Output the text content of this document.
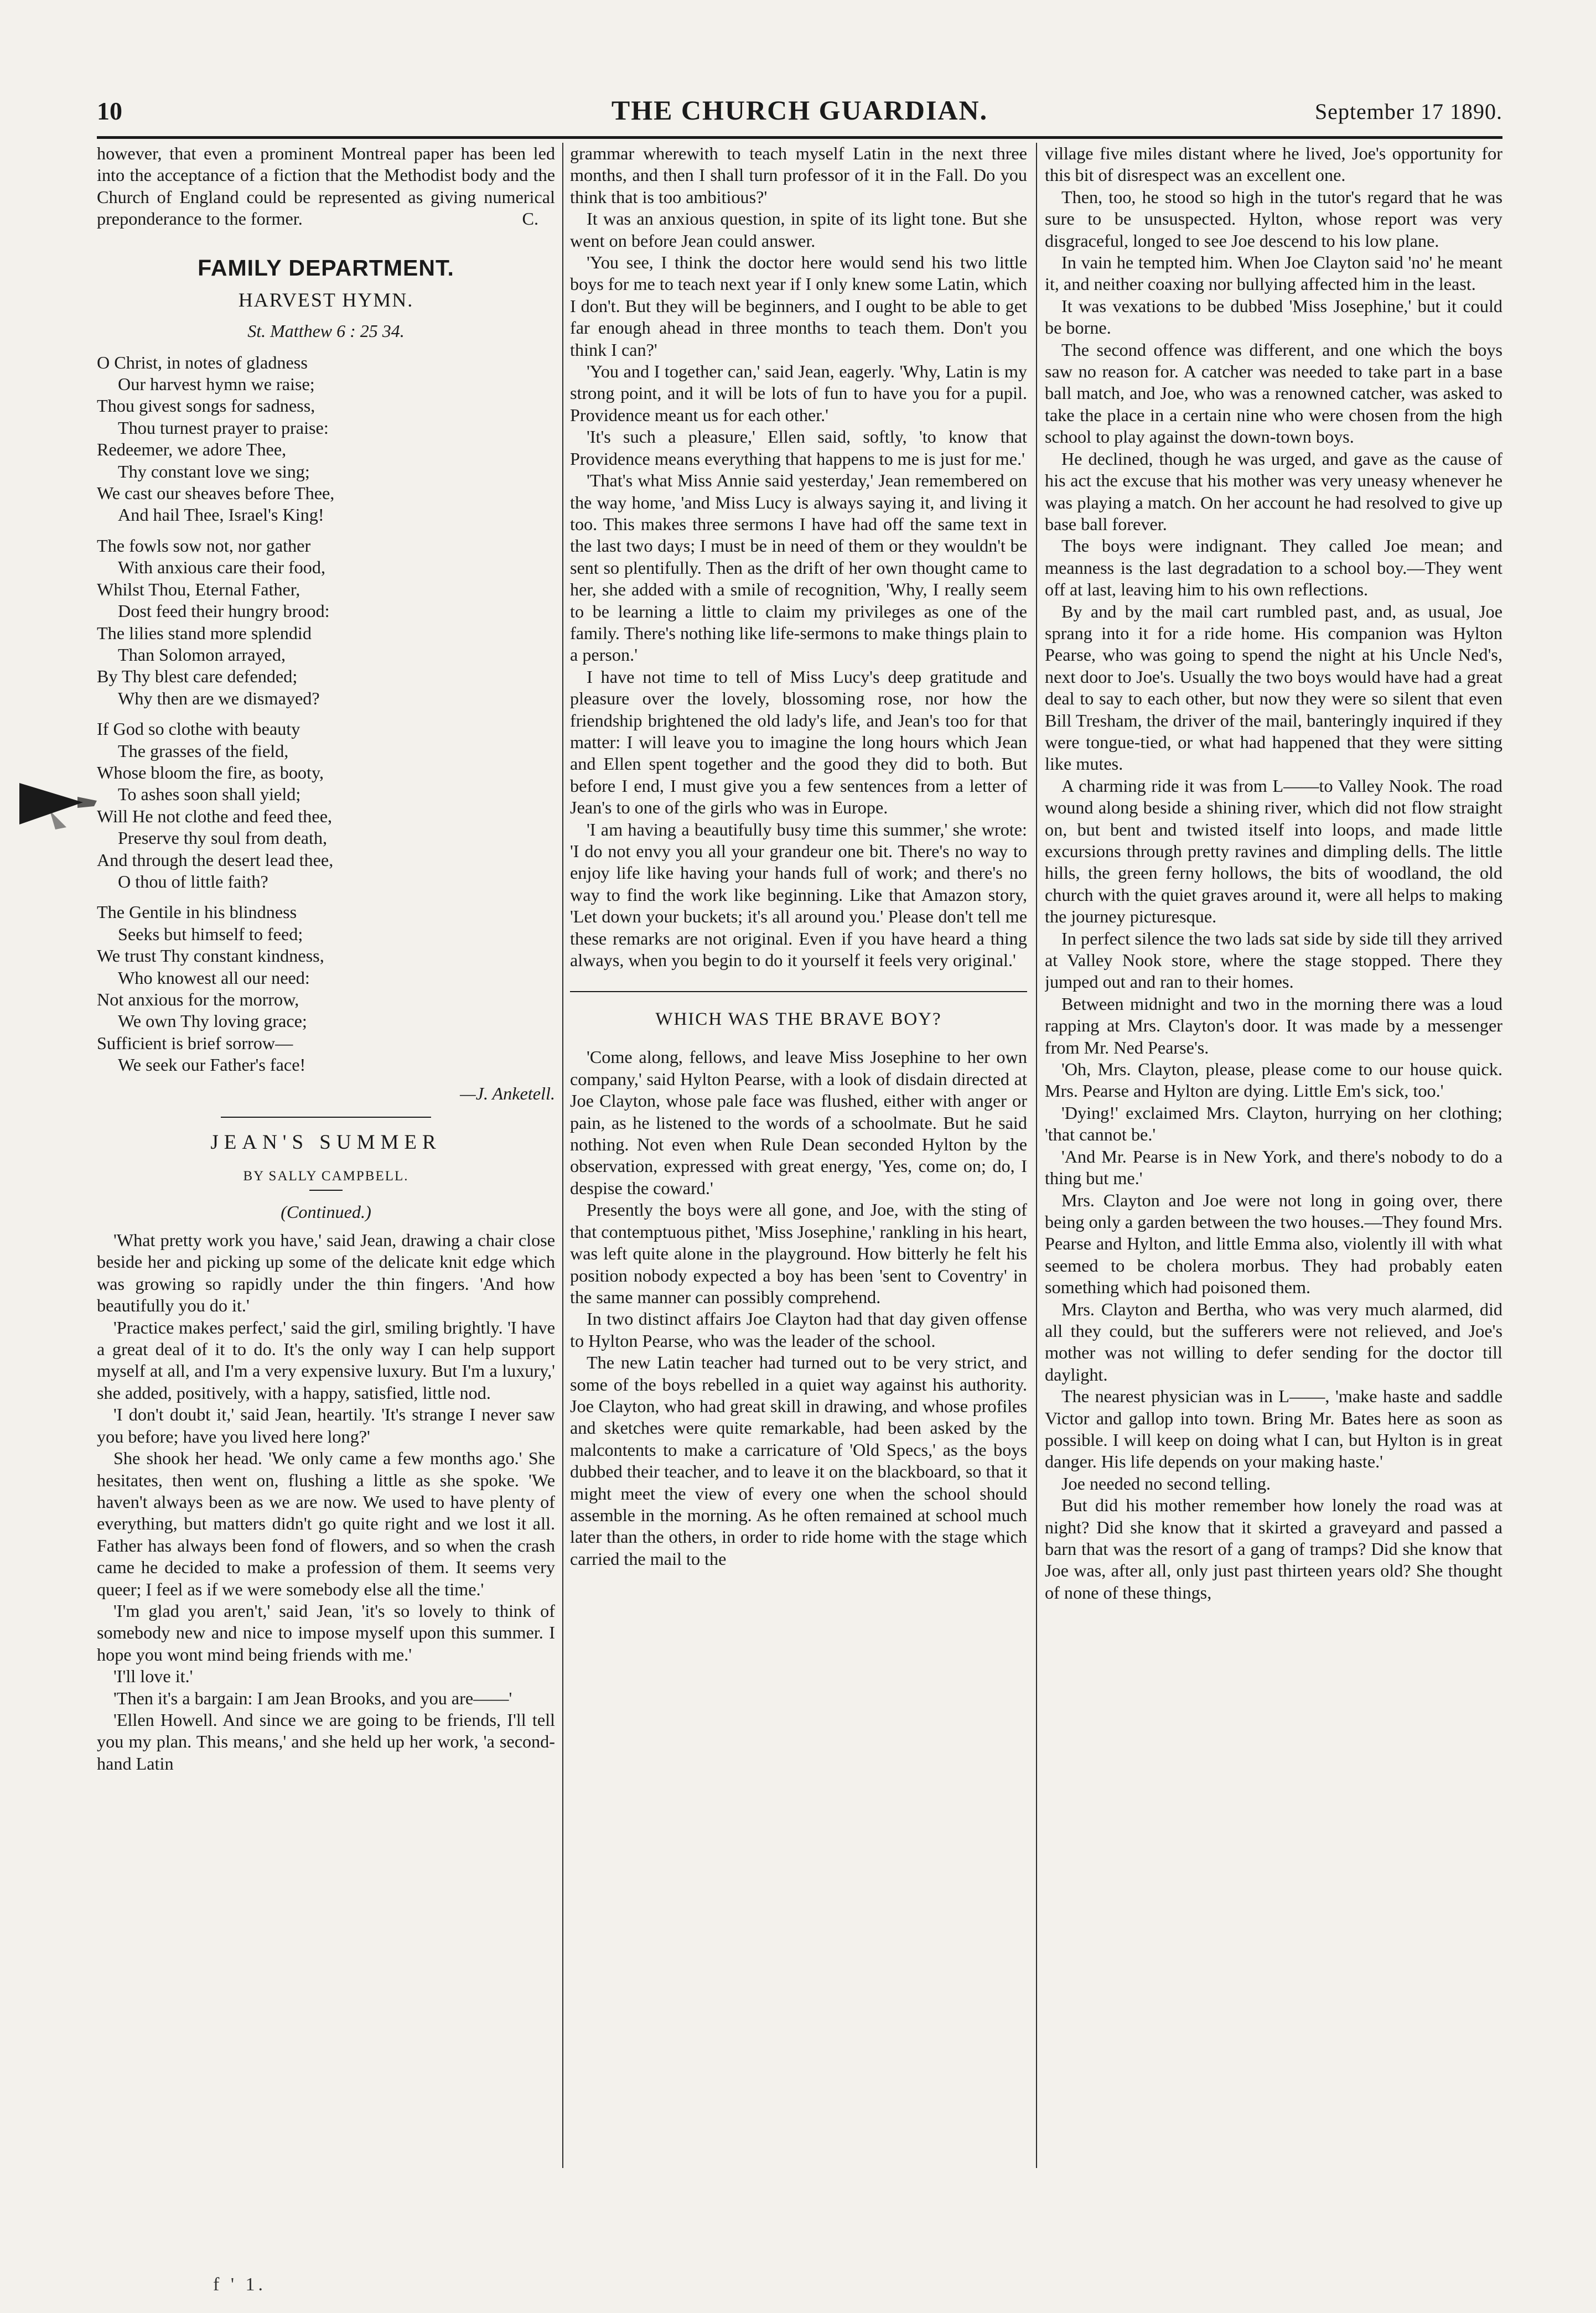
10	THE CHURCH GUARDIAN.	September 17 1890.

however, that even a prominent Montreal paper has been led into the acceptance of a fiction that the Methodist body and the Church of England could be represented as giving numerical preponderance to the former.	C.

FAMILY DEPARTMENT.
HARVEST HYMN.
St. Matthew 6 : 25 34.
O Christ, in notes of gladness
Our harvest hymn we raise;
Thou givest songs for sadness,
Thou turnest prayer to praise:
Redeemer, we adore Thee,
Thy constant love we sing;
We cast our sheaves before Thee,
And hail Thee, Israel's King!
The fowls sow not, nor gather
With anxious care their food,
Whilst Thou, Eternal Father,
Dost feed their hungry brood:
The lilies stand more splendid
Than Solomon arrayed,
By Thy blest care defended;
Why then are we dismayed?
If God so clothe with beauty
The grasses of the field,
Whose bloom the fire, as booty,
To ashes soon shall yield;
Will He not clothe and feed thee,
Preserve thy soul from death,
And through the desert lead thee,
O thou of little faith?
The Gentile in his blindness
Seeks but himself to feed;
We trust Thy constant kindness,
Who knowest all our need:
Not anxious for the morrow,
We own Thy loving grace;
Sufficient is brief sorrow—
We seek our Father's face!
—J. Anketell.
JEAN'S SUMMER
BY SALLY CAMPBELL.
(Continued.)

'What pretty work you have,' said Jean, drawing a chair close beside her and picking up some of the delicate knit edge which was growing so rapidly under the thin fingers. 'And how beautifully you do it.'

'Practice makes perfect,' said the girl, smiling brightly. 'I have a great deal of it to do. It's the only way I can help support myself at all, and I'm a very expensive luxury. But I'm a luxury,' she added, positively, with a happy, satisfied, little nod.

'I don't doubt it,' said Jean, heartily. 'It's strange I never saw you before; have you lived here long?'

She shook her head. 'We only came a few months ago.' She hesitates, then went on, flushing a little as she spoke. 'We haven't always been as we are now. We used to have plenty of everything, but matters didn't go quite right and we lost it all. Father has always been fond of flowers, and so when the crash came he decided to make a profession of them. It seems very queer; I feel as if we were somebody else all the time.'

'I'm glad you aren't,' said Jean, 'it's so lovely to think of somebody new and nice to impose myself upon this summer. I hope you wont mind being friends with me.'

'I'll love it.'

'Then it's a bargain: I am Jean Brooks, and you are——'

'Ellen Howell. And since we are going to be friends, I'll tell you my plan. This means,' and she held up her work, 'a second-hand Latin

grammar wherewith to teach myself Latin in the next three months, and then I shall turn professor of it in the Fall. Do you think that is too ambitious?'

It was an anxious question, in spite of its light tone. But she went on before Jean could answer.

'You see, I think the doctor here would send his two little boys for me to teach next year if I only knew some Latin, which I don't. But they will be beginners, and I ought to be able to get far enough ahead in three months to teach them. Don't you think I can?'

'You and I together can,' said Jean, eagerly. 'Why, Latin is my strong point, and it will be lots of fun to have you for a pupil. Providence meant us for each other.'

'It's such a pleasure,' Ellen said, softly, 'to know that Providence means everything that happens to me is just for me.'

'That's what Miss Annie said yesterday,' Jean remembered on the way home, 'and Miss Lucy is always saying it, and living it too. This makes three sermons I have had off the same text in the last two days; I must be in need of them or they wouldn't be sent so plentifully. Then as the drift of her own thought came to her, she added with a smile of recognition, 'Why, I really seem to be learning a little to claim my privileges as one of the family. There's nothing like life-sermons to make things plain to a person.'

I have not time to tell of Miss Lucy's deep gratitude and pleasure over the lovely, blossoming rose, nor how the friendship brightened the old lady's life, and Jean's too for that matter: I will leave you to imagine the long hours which Jean and Ellen spent together and the good they did to both. But before I end, I must give you a few sentences from a letter of Jean's to one of the girls who was in Europe.

'I am having a beautifully busy time this summer,' she wrote: 'I do not envy you all your grandeur one bit. There's no way to enjoy life like having your hands full of work; and there's no way to find the work like beginning. Like that Amazon story, 'Let down your buckets; it's all around you.' Please don't tell me these remarks are not original. Even if you have heard a thing always, when you begin to do it yourself it feels very original.'

WHICH WAS THE BRAVE BOY?

'Come along, fellows, and leave Miss Josephine to her own company,' said Hylton Pearse, with a look of disdain directed at Joe Clayton, whose pale face was flushed, either with anger or pain, as he listened to the words of a schoolmate. But he said nothing. Not even when Rule Dean seconded Hylton by the observation, expressed with great energy, 'Yes, come on; do, I despise the coward.'

Presently the boys were all gone, and Joe, with the sting of that contemptuous pithet, 'Miss Josephine,' rankling in his heart, was left quite alone in the playground. How bitterly he felt his position nobody expected a boy has been 'sent to Coventry' in the same manner can possibly comprehend.

In two distinct affairs Joe Clayton had that day given offense to Hylton Pearse, who was the leader of the school.

The new Latin teacher had turned out to be very strict, and some of the boys rebelled in a quiet way against his authority. Joe Clayton, who had great skill in drawing, and whose profiles and sketches were quite remarkable, had been asked by the malcontents to make a carricature of 'Old Specs,' as the boys dubbed their teacher, and to leave it on the blackboard, so that it might meet the view of every one when the school should assemble in the morning. As he often remained at school much later than the others, in order to ride home with the stage which carried the mail to the

village five miles distant where he lived, Joe's opportunity for this bit of disrespect was an excellent one.

Then, too, he stood so high in the tutor's regard that he was sure to be unsuspected. Hylton, whose report was very disgraceful, longed to see Joe descend to his low plane.

In vain he tempted him. When Joe Clayton said 'no' he meant it, and neither coaxing nor bullying affected him in the least.

It was vexations to be dubbed 'Miss Josephine,' but it could be borne.

The second offence was different, and one which the boys saw no reason for. A catcher was needed to take part in a base ball match, and Joe, who was a renowned catcher, was asked to take the place in a certain nine who were chosen from the high school to play against the down-town boys.

He declined, though he was urged, and gave as the cause of his act the excuse that his mother was very uneasy whenever he was playing a match. On her account he had resolved to give up base ball forever.

The boys were indignant. They called Joe mean; and meanness is the last degradation to a school boy.—They went off at last, leaving him to his own reflections.

By and by the mail cart rumbled past, and, as usual, Joe sprang into it for a ride home. His companion was Hylton Pearse, who was going to spend the night at his Uncle Ned's, next door to Joe's. Usually the two boys would have had a great deal to say to each other, but now they were so silent that even Bill Tresham, the driver of the mail, banteringly inquired if they were tongue-tied, or what had happened that they were sitting like mutes.

A charming ride it was from L——to Valley Nook. The road wound along beside a shining river, which did not flow straight on, but bent and twisted itself into loops, and made little excursions through pretty ravines and dimpling dells. The little hills, the green ferny hollows, the bits of woodland, the old church with the quiet graves around it, were all helps to making the journey picturesque.

In perfect silence the two lads sat side by side till they arrived at Valley Nook store, where the stage stopped. There they jumped out and ran to their homes.

Between midnight and two in the morning there was a loud rapping at Mrs. Clayton's door. It was made by a messenger from Mr. Ned Pearse's.

'Oh, Mrs. Clayton, please, please come to our house quick. Mrs. Pearse and Hylton are dying. Little Em's sick, too.'

'Dying!' exclaimed Mrs. Clayton, hurrying on her clothing; 'that cannot be.'

'And Mr. Pearse is in New York, and there's nobody to do a thing but me.'

Mrs. Clayton and Joe were not long in going over, there being only a garden between the two houses.—They found Mrs. Pearse and Hylton, and little Emma also, violently ill with what seemed to be cholera morbus. They had probably eaten something which had poisoned them.

Mrs. Clayton and Bertha, who was very much alarmed, did all they could, but the sufferers were not relieved, and Joe's mother was not willing to defer sending for the doctor till daylight.

The nearest physician was in L——, 'make haste and saddle Victor and gallop into town. Bring Mr. Bates here as soon as possible. I will keep on doing what I can, but Hylton is in great danger. His life depends on your making haste.'

Joe needed no second telling.

But did his mother remember how lonely the road was at night? Did she know that it skirted a graveyard and passed a barn that was the resort of a gang of tramps? Did she know that Joe was, after all, only just past thirteen years old? She thought of none of these things,

f ' 1.
